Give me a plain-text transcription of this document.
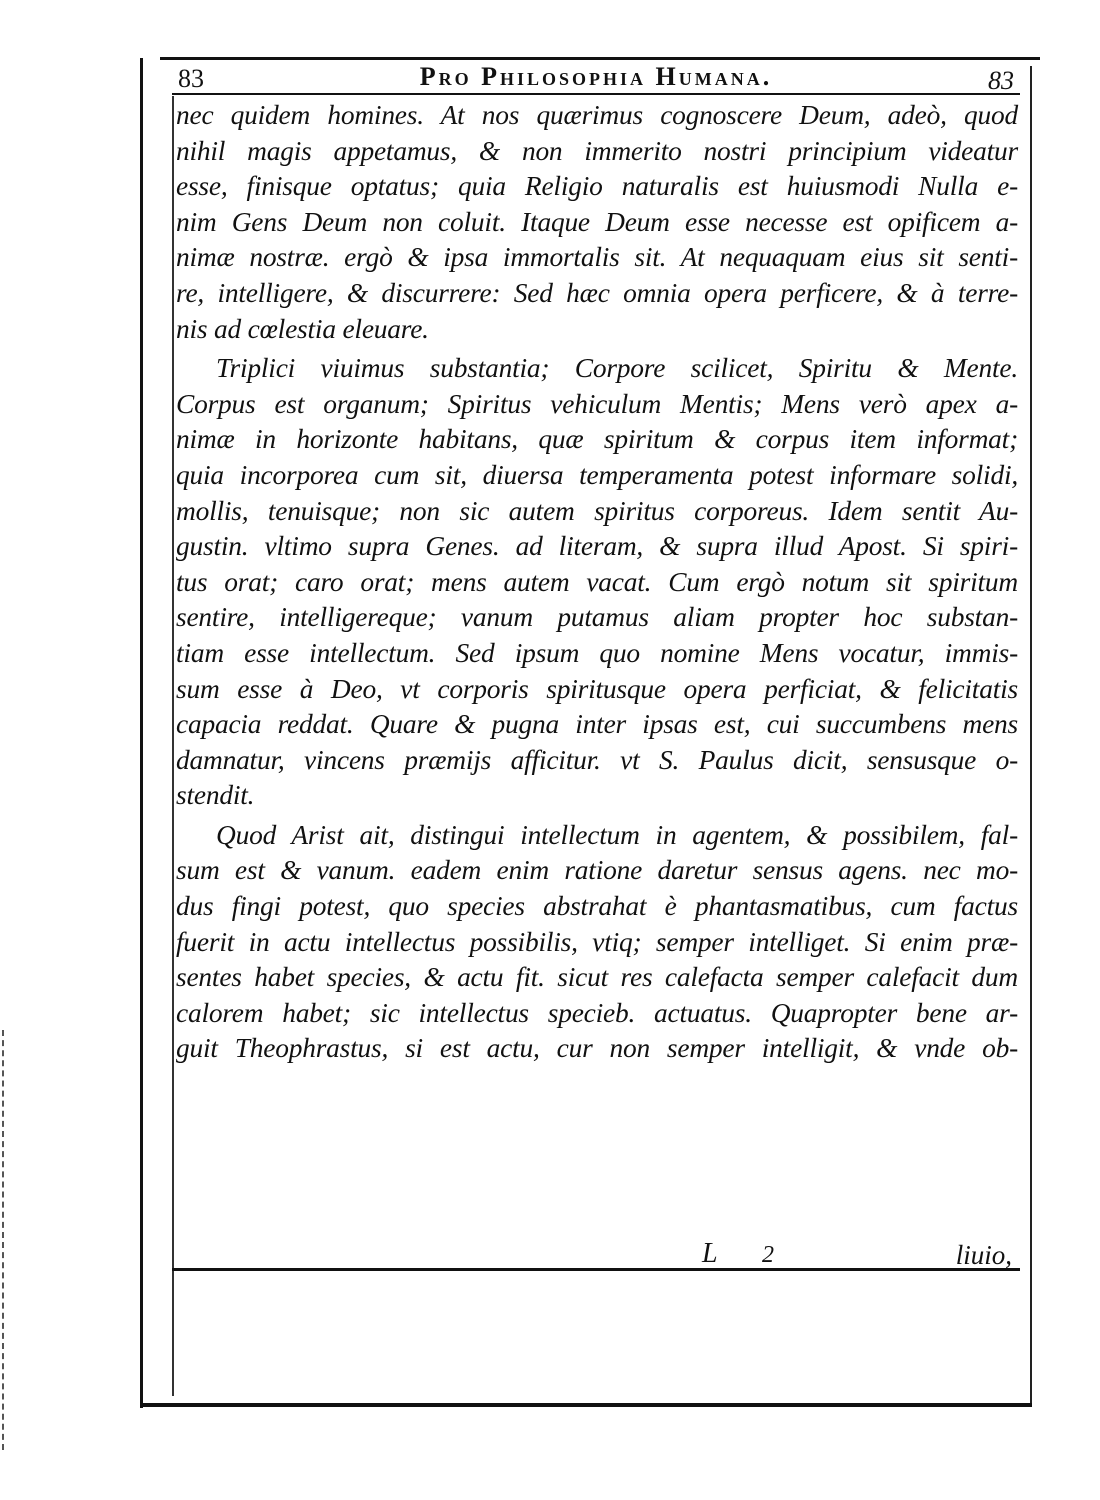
83	Pro Philosophia Humana.	83
nec quidem homines. At nos quærimus cognoscere Deum, adeò, quod
nihil magis appetamus, & non immerito nostri principium videatur
esse, finisque optatus; quia Religio naturalis est huiusmodi Nulla e-
nim Gens Deum non coluit. Itaque Deum esse necesse est opificem a-
nimæ nostræ. ergò & ipsa immortalis sit. At nequaquam eius sit senti-
re, intelligere, & discurrere: Sed hæc omnia opera perficere, & à terre-
nis ad cœlestia eleuare.
Triplici viuimus substantia; Corpore scilicet, Spiritu & Mente.
Corpus est organum; Spiritus vehiculum Mentis; Mens verò apex a-
nimæ in horizonte habitans, quæ spiritum & corpus item informat;
quia incorporea cum sit, diuersa temperamenta potest informare solidi,
mollis, tenuisque; non sic autem spiritus corporeus. Idem sentit Au-
gustin. vltimo supra Genes. ad literam, & supra illud Apost. Si spiri-
tus orat; caro orat; mens autem vacat. Cum ergò notum sit spiritum
sentire, intelligereque; vanum putamus aliam propter hoc substan-
tiam esse intellectum. Sed ipsum quo nomine Mens vocatur, immis-
sum esse à Deo, vt corporis spiritusque opera perficiat, & felicitatis
capacia reddat. Quare & pugna inter ipsas est, cui succumbens mens
damnatur, vincens præmijs afficitur. vt S. Paulus dicit, sensusque o-
stendit.
Quod Arist ait, distingui intellectum in agentem, & possibilem, fal-
sum est & vanum. eadem enim ratione daretur sensus agens. nec mo-
dus fingi potest, quo species abstrahat è phantasmatibus, cum factus
fuerit in actu intellectus possibilis, vtiq; semper intelliget. Si enim præ-
sentes habet species, & actu fit. sicut res calefacta semper calefacit dum
calorem habet; sic intellectus specieb. actuatus. Quapropter bene ar-
guit Theophrastus, si est actu, cur non semper intelligit, & vnde ob-
L 2	liuio,
